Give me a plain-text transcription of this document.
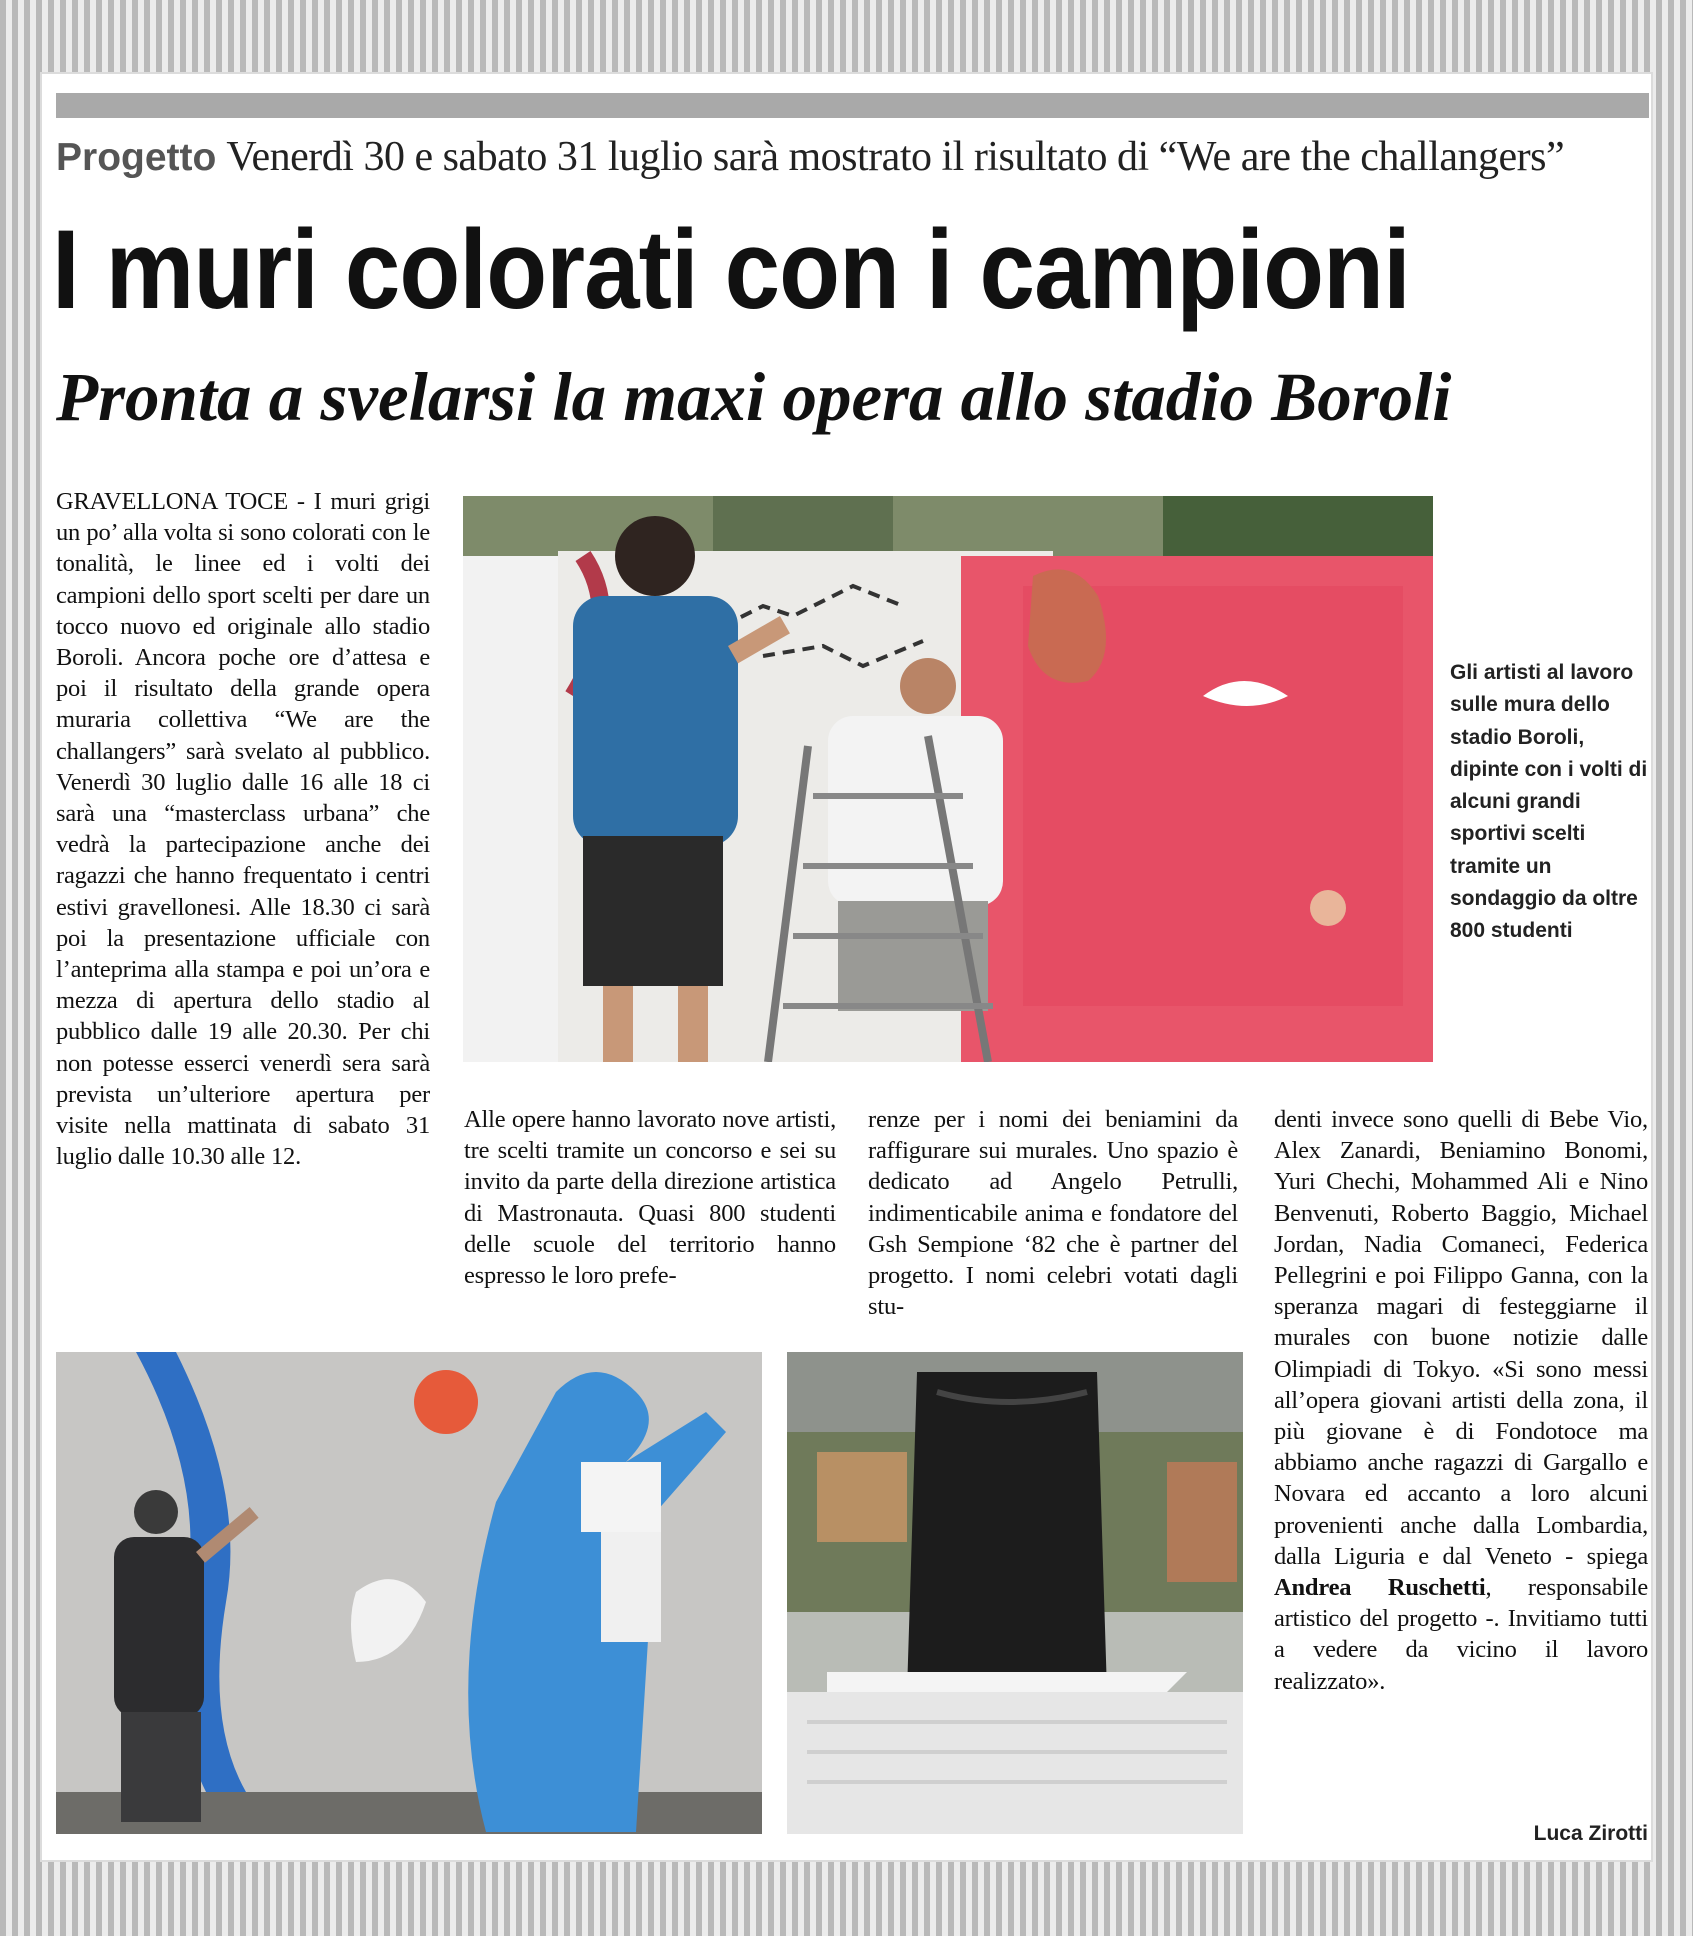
Progetto Venerdì 30 e sabato 31 luglio sarà mostrato il risultato di “We are the challangers”
I muri colorati con i campioni
Pronta a svelarsi la maxi opera allo stadio Boroli
GRAVELLONA TOCE - I muri grigi un po’ alla volta si sono colorati con le tonalità, le linee ed i volti dei campioni dello sport scelti per dare un tocco nuovo ed originale allo stadio Boroli. Ancora poche ore d’attesa e poi il risultato della grande opera muraria collettiva “We are the challangers” sarà svelato al pubblico. Venerdì 30 luglio dalle 16 alle 18 ci sarà una “masterclass urbana” che vedrà la partecipazione anche dei ragazzi che hanno frequentato i centri estivi gravellonesi. Alle 18.30 ci sarà poi la presentazione ufficiale con l’anteprima alla stampa e poi un’ora e mezza di apertura dello stadio al pubblico dalle 19 alle 20.30. Per chi non potesse esserci venerdì sera sarà prevista un’ulteriore apertura per visite nella mattinata di sabato 31 luglio dalle 10.30 alle 12.
Gli artisti al lavoro sulle mura dello stadio Boroli, dipinte con i volti di alcuni grandi sportivi scelti tramite un sondaggio da oltre 800 studenti
Alle opere hanno lavorato nove artisti, tre scelti tramite un concorso e sei su invito da parte della direzione artistica di Mastronauta. Quasi 800 studenti delle scuole del territorio hanno espresso le loro prefe-
renze per i nomi dei beniamini da raffigurare sui murales. Uno spazio è dedicato ad Angelo Petrulli, indimenticabile anima e fondatore del Gsh Sempione ‘82 che è partner del progetto. I nomi celebri votati dagli stu-
denti invece sono quelli di Bebe Vio, Alex Zanardi, Beniamino Bonomi, Yuri Chechi, Mohammed Ali e Nino Benvenuti, Roberto Baggio, Michael Jordan, Nadia Comaneci, Federica Pellegrini e poi Filippo Ganna, con la speranza magari di festeggiarne il murales con buone notizie dalle Olimpiadi di Tokyo. «Si sono messi all’opera giovani artisti della zona, il più giovane è di Fondotoce ma abbiamo anche ragazzi di Gargallo e Novara ed accanto a loro alcuni provenienti anche dalla Lombardia, dalla Liguria e dal Veneto - spiega Andrea Ruschetti, responsabile artistico del progetto -. Invitiamo tutti a vedere da vicino il lavoro realizzato».
Luca Zirotti
